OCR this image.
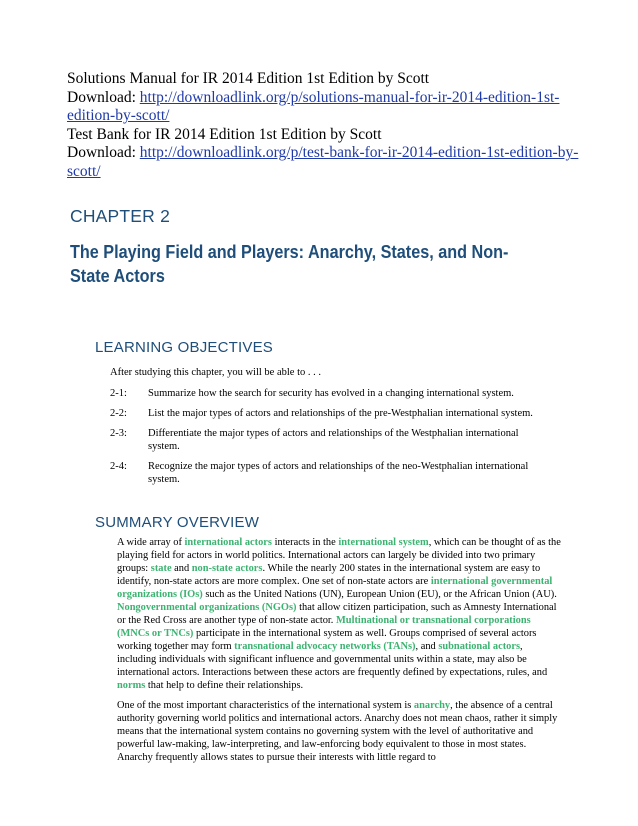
Solutions Manual for IR 2014 Edition 1st Edition by Scott
Download: http://downloadlink.org/p/solutions-manual-for-ir-2014-edition-1st-edition-by-scott/
Test Bank for IR 2014 Edition 1st Edition by Scott
Download: http://downloadlink.org/p/test-bank-for-ir-2014-edition-1st-edition-by-scott/
CHAPTER 2
The Playing Field and Players: Anarchy, States, and Non-State Actors
LEARNING OBJECTIVES
After studying this chapter, you will be able to . . .
2-1:	Summarize how the search for security has evolved in a changing international system.
2-2:	List the major types of actors and relationships of the pre-Westphalian international system.
2-3:	Differentiate the major types of actors and relationships of the Westphalian international system.
2-4:	Recognize the major types of actors and relationships of the neo-Westphalian international system.
SUMMARY OVERVIEW

A wide array of international actors interacts in the international system, which can be thought of as the playing field for actors in world politics. International actors can largely be divided into two primary groups: state and non-state actors. While the nearly 200 states in the international system are easy to identify, non-state actors are more complex. One set of non-state actors are international governmental organizations (IOs) such as the United Nations (UN), European Union (EU), or the African Union (AU). Nongovernmental organizations (NGOs) that allow citizen participation, such as Amnesty International or the Red Cross are another type of non-state actor. Multinational or transnational corporations (MNCs or TNCs) participate in the international system as well. Groups comprised of several actors working together may form transnational advocacy networks (TANs), and subnational actors, including individuals with significant influence and governmental units within a state, may also be international actors. Interactions between these actors are frequently defined by expectations, rules, and norms that help to define their relationships.

One of the most important characteristics of the international system is anarchy, the absence of a central authority governing world politics and international actors. Anarchy does not mean chaos, rather it simply means that the international system contains no governing system with the level of authoritative and powerful law-making, law-interpreting, and law-enforcing body equivalent to those in most states. Anarchy frequently allows states to pursue their interests with little regard to
